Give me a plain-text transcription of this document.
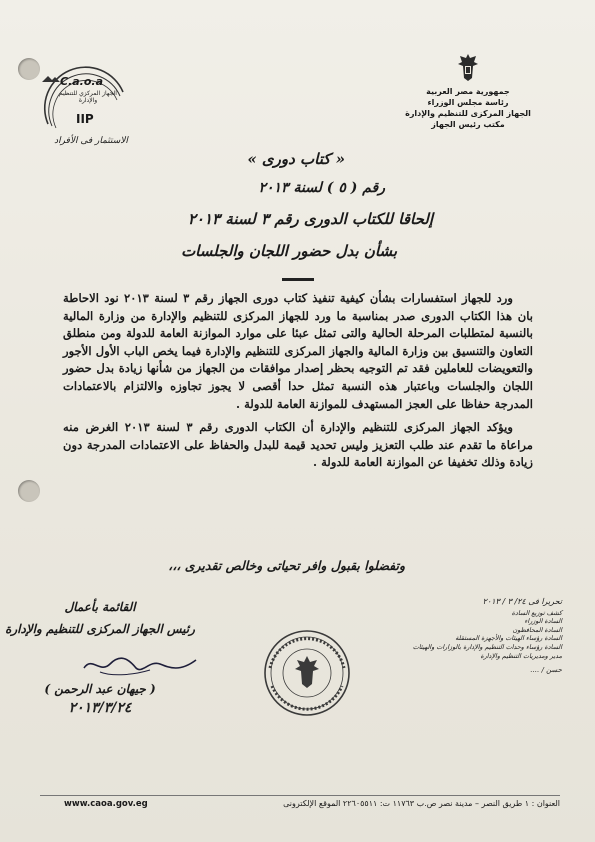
جمهورية مصر العربية
رئاسة مجلس الوزراء
الجهاز المركزى للتنظيم والإدارة
مكتب رئيس الجهاز
C.a.o.a
الجهاز المركزي للتنظيم والإدارة
IIP
الاستثمار فى الأفراد
« كتاب دورى »
رقم ( ٥ ) لسنة ٢٠١٣
إلحاقا للكتاب الدورى رقم ٣ لسنة ٢٠١٣
بشأن بدل حضور اللجان والجلسات

ورد للجهاز استفسارات بشأن كيفية تنفيذ كتاب دورى الجهاز رقم ٣ لسنة ٢٠١٣ نود الاحاطة بان هذا الكتاب الدورى صدر بمناسبة ما ورد للجهاز المركزى للتنظيم والإدارة من وزارة المالية بالنسبة لمتطلبات المرحلة الحالية والتى تمثل عبئا على موارد الموازنة العامة للدولة ومن منطلق التعاون والتنسيق بين وزارة المالية والجهاز المركزى للتنظيم والإدارة فيما يخص الباب الأول الأجور والتعويضات للعاملين فقد تم التوجيه بحظر إصدار موافقات من الجهاز من شأنها زيادة بدل حضور اللجان والجلسات وباعتبار هذه النسبة تمثل حدا أقصى لا يجوز تجاوزه والالتزام بالاعتمادات المدرجة حفاظا على العجز المستهدف للموازنة العامة للدولة .

ويؤكد الجهاز المركزى للتنظيم والإدارة أن الكتاب الدورى رقم ٣ لسنة ٢٠١٣ الغرض منه مراعاة ما تقدم عند طلب التعزيز وليس تحديد قيمة للبدل والحفاظ على الاعتمادات المدرجة دون زيادة وذلك تخفيفا عن الموازنة العامة للدولة .

وتفضلوا بقبول وافر تحياتى وخالص تقديرى ،،،
القائمة بأعمال
رئيس الجهاز المركزى للتنظيم والإدارة
( جيهان عبد الرحمن )
٢٠١٣/٣/٢٤
تحريرا فى ٢٤/ ٣ / ٢٠١٣
كشف توزيع السادة
السادة الوزراء
السادة المحافظون
السادة رؤساء الهيئات والأجهزة المستقلة
السادة رؤساء وحدات التنظيم والإدارة بالوزارات والهيئات
مدير ومديريات التنظيم والإدارة
حسن / ....
العنوان : ١ طريق النصر – مدينة نصر ص.ب ١١٧٦٣ ت: ٢٢٦٠٥٥١١ الموقع الإلكترونى
www.caoa.gov.eg
